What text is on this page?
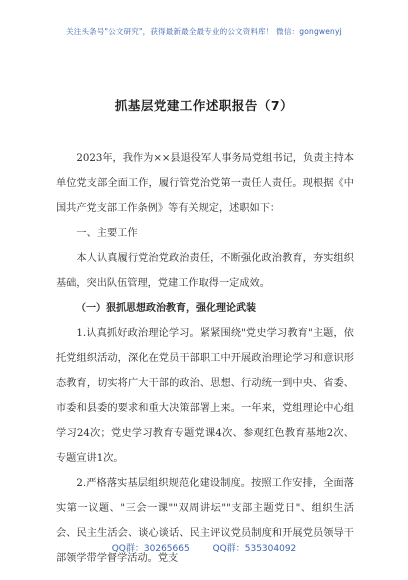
关注头条号"公文研究"，获得最新最全最专业的公文资料库！ 微信：gongwenyj
抓基层党建工作述职报告（7）

2023年，我作为××县退役军人事务局党组书记，负责主持本单位党支部全面工作，履行管党治党第一责任人责任。现根据《中国共产党支部工作条例》等有关规定，述职如下：

一、主要工作

本人认真履行党治党政治责任，不断强化政治教育，夯实组织基础，突出队伍管理，党建工作取得一定成效。

（一）狠抓思想政治教育，强化理论武装

1.认真抓好政治理论学习。紧紧围绕"党史学习教育"主题，依托党组织活动，深化在党员干部职工中开展政治理论学习和意识形态教育，切实将广大干部的政治、思想、行动统一到中央、省委、市委和县委的要求和重大决策部署上来。一年来，党组理论中心组学习24次；党史学习教育专题党课4次、参观红色教育基地2次、专题宣讲1次。

2.严格落实基层组织规范化建设制度。按照工作安排，全面落实第一议题、"三会一课""双周讲坛""支部主题党日"、组织生活会、民主生活会、谈心谈话、民主评议党员制度和开展党员领导干部领学带学督学活动。党支

QQ群：30265665	QQ群：535304092
